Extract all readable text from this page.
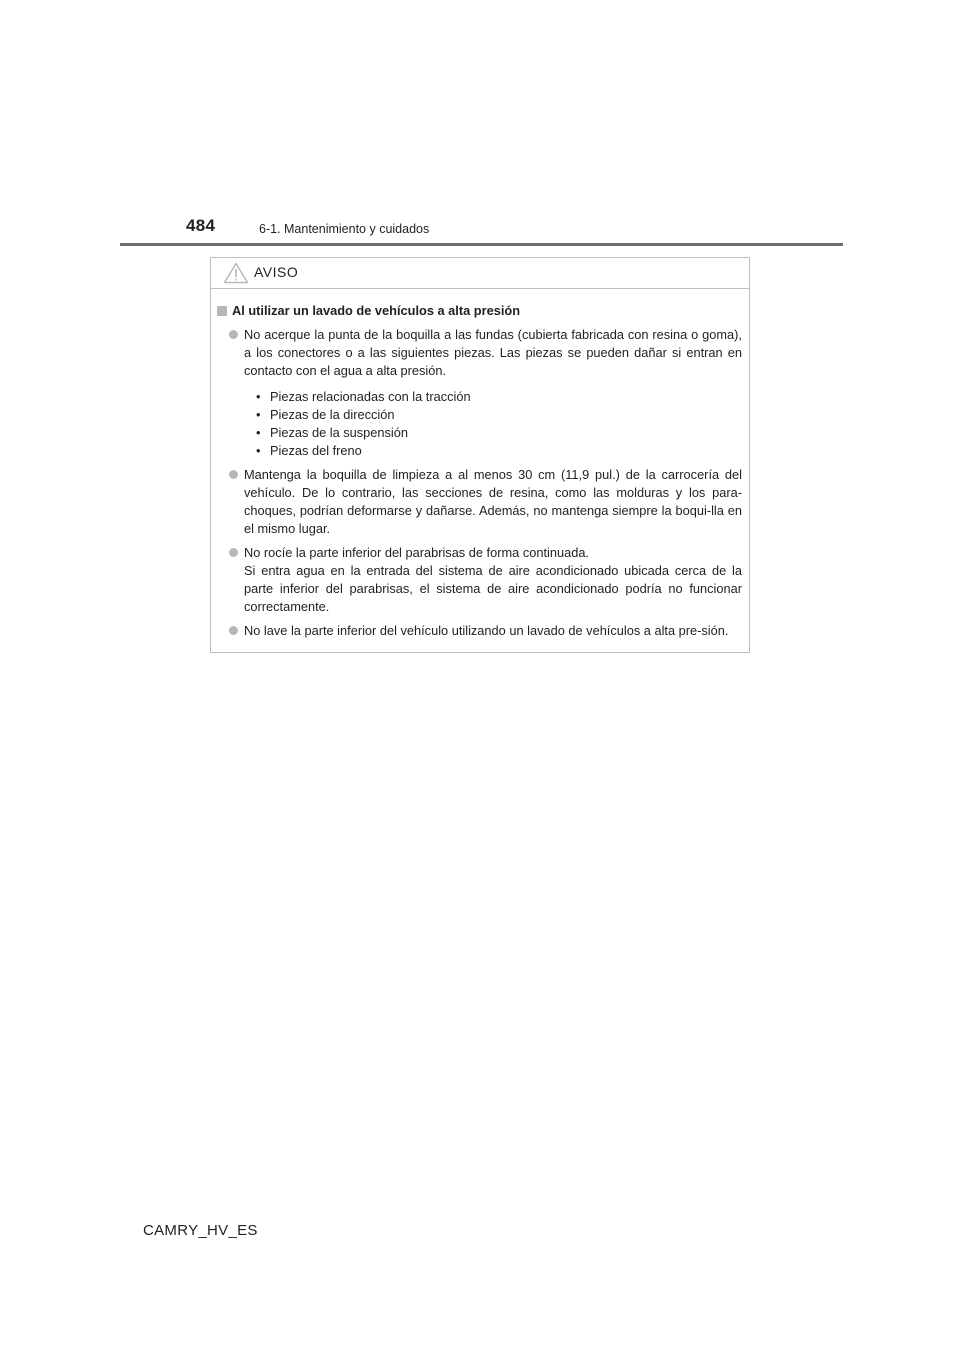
484	6-1. Mantenimiento y cuidados
AVISO
Al utilizar un lavado de vehículos a alta presión

No acerque la punta de la boquilla a las fundas (cubierta fabricada con resina o goma), a los conectores o a las siguientes piezas. Las piezas se pueden dañar si entran en contacto con el agua a alta presión.

• Piezas relacionadas con la tracción
• Piezas de la dirección
• Piezas de la suspensión
• Piezas del freno

Mantenga la boquilla de limpieza a al menos 30 cm (11,9 pul.) de la carrocería del vehículo. De lo contrario, las secciones de resina, como las molduras y los para-choques, podrían deformarse y dañarse. Además, no mantenga siempre la boqui-lla en el mismo lugar.

No rocíe la parte inferior del parabrisas de forma continuada.

Si entra agua en la entrada del sistema de aire acondicionado ubicada cerca de la parte inferior del parabrisas, el sistema de aire acondicionado podría no funcionar correctamente.

No lave la parte inferior del vehículo utilizando un lavado de vehículos a alta pre-sión.

CAMRY_HV_ES
